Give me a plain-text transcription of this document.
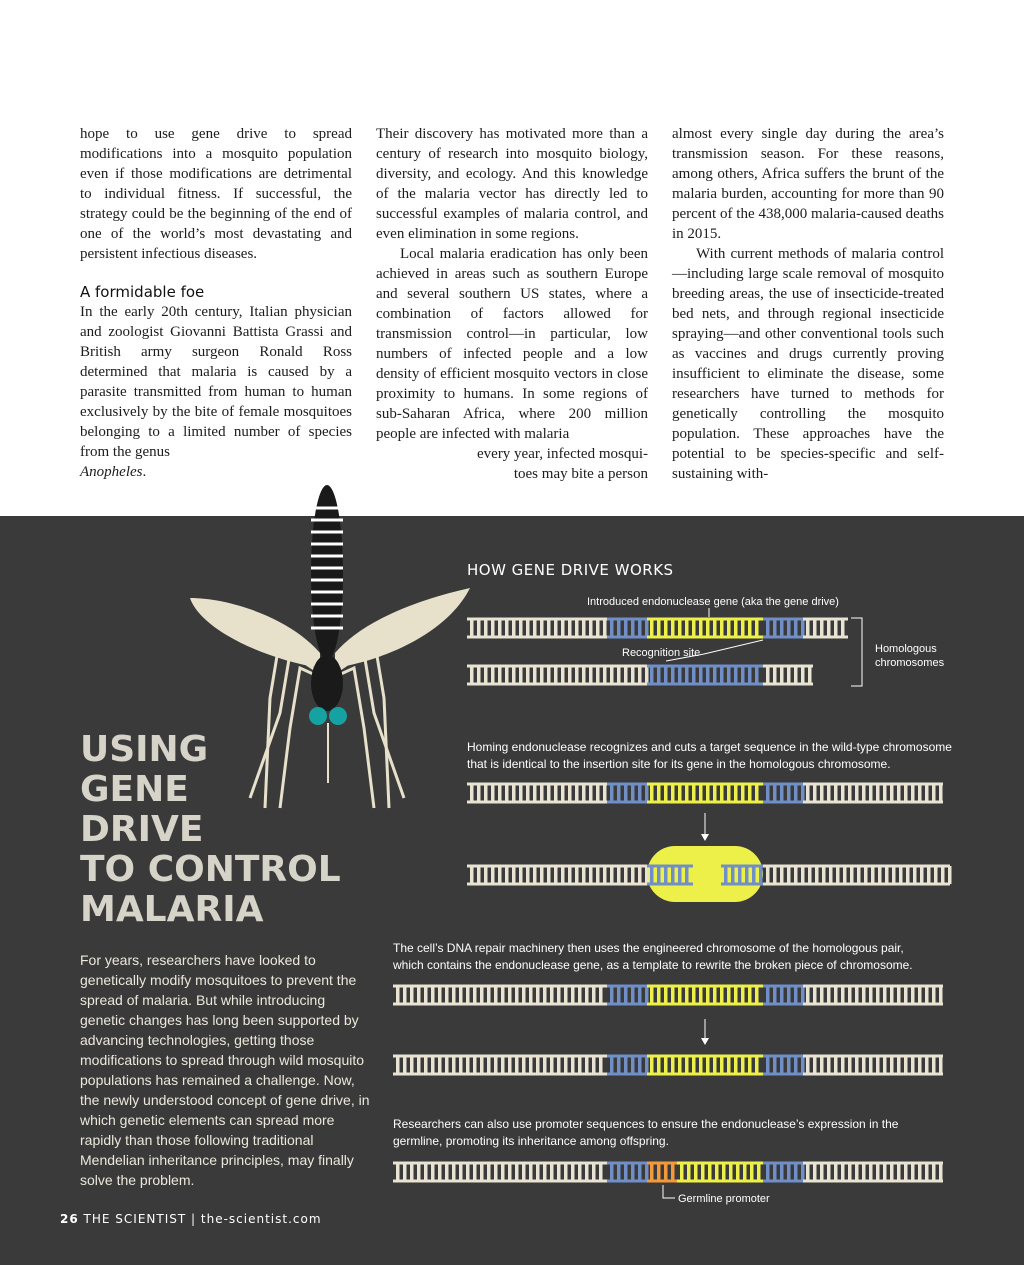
hope to use gene drive to spread modifications into a mosquito population even if those modifications are detrimental to individual fitness. If successful, the strategy could be the beginning of the end of one of the world’s most devastating and persistent infectious diseases.

A formidable foe

In the early 20th century, Italian physician and zoologist Giovanni Battista Grassi and British army surgeon Ronald Ross determined that malaria is caused by a parasite transmitted from human to human exclusively by the bite of female mosquitoes belonging to a limited number of species from the genus
Anopheles.

Their discovery has motivated more than a century of research into mosquito biology, diversity, and ecology. And this knowledge of the malaria vector has directly led to successful examples of malaria control, and even elimination in some regions.

Local malaria eradication has only been achieved in areas such as southern Europe and several southern US states, where a combination of factors allowed for transmission control—in particular, low numbers of infected people and a low density of efficient mosquito vectors in close proximity to humans. In some regions of sub-Saharan Africa, where 200 million people are infected with malaria

every year, infected mosqui-

toes may bite a person

almost every single day during the area’s transmission season. For these reasons, among others, Africa suffers the brunt of the malaria burden, accounting for more than 90 percent of the 438,000 malaria-caused deaths in 2015.

With current methods of malaria control—including large scale removal of mosquito breeding areas, the use of insecticide-treated bed nets, and through regional insecticide spraying—and other conventional tools such as vaccines and drugs currently proving insufficient to eliminate the disease, some researchers have turned to methods for genetically controlling the mosquito population. These approaches have the potential to be species-specific and self-sustaining with-

USING
GENE
DRIVE
TO CONTROL
MALARIA
For years, researchers have looked to genetically modify mosquitoes to prevent the spread of malaria. But while introducing genetic changes has long been supported by advancing technologies, getting those modifications to spread through wild mosquito populations has remained a challenge. Now, the newly understood concept of gene drive, in which genetic elements can spread more rapidly than those following traditional Mendelian inheritance principles, may finally solve the problem.
HOW GENE DRIVE WORKS
Introduced endonuclease gene (aka the gene drive)
Recognition site	Homologous
chromosomes
Homing endonuclease recognizes and cuts a target sequence in the wild-type chromosome
that is identical to the insertion site for its gene in the homologous chromosome.
The cell’s DNA repair machinery then uses the engineered chromosome of the homologous pair,
which contains the endonuclease gene, as a template to rewrite the broken piece of chromosome.
Researchers can also use promoter sequences to ensure the endonuclease’s expression in the
germline, promoting its inheritance among offspring.
Germline promoter
26 THE SCIENTIST | the-scientist.com
